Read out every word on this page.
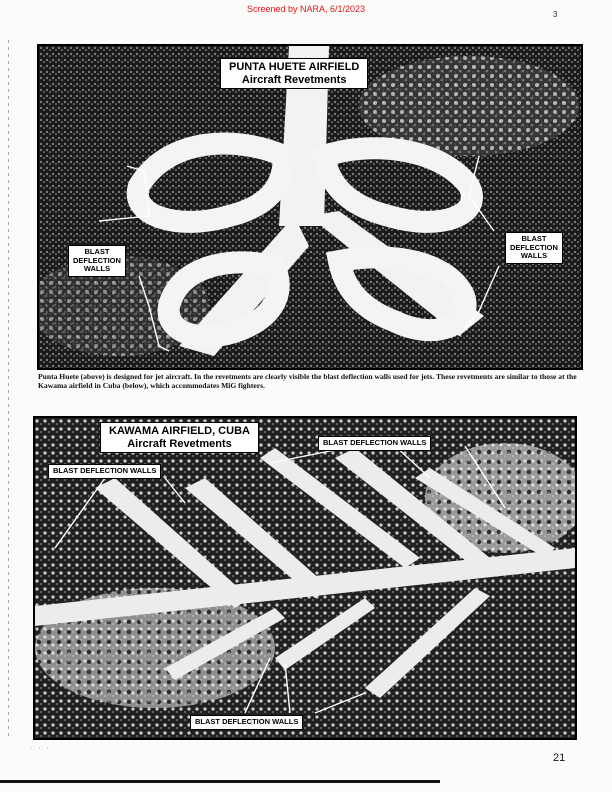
Screened by NARA, 6/1/2023
3
PUNTA HUETE AIRFIELD
Aircraft Revetments
BLAST
DEFLECTION
WALLS
BLAST
DEFLECTION
WALLS
Punta Huete (above) is designed for jet aircraft. In the revetments are clearly visible the blast deflection walls used for jets. These revetments are similar to those at the Kawama airfield in Cuba (below), which accommodates MiG fighters.
KAWAMA AIRFIELD, CUBA
Aircraft Revetments	BLAST DEFLECTION WALLS
BLAST DEFLECTION WALLS
BLAST DEFLECTION WALLS
· · ·
21
